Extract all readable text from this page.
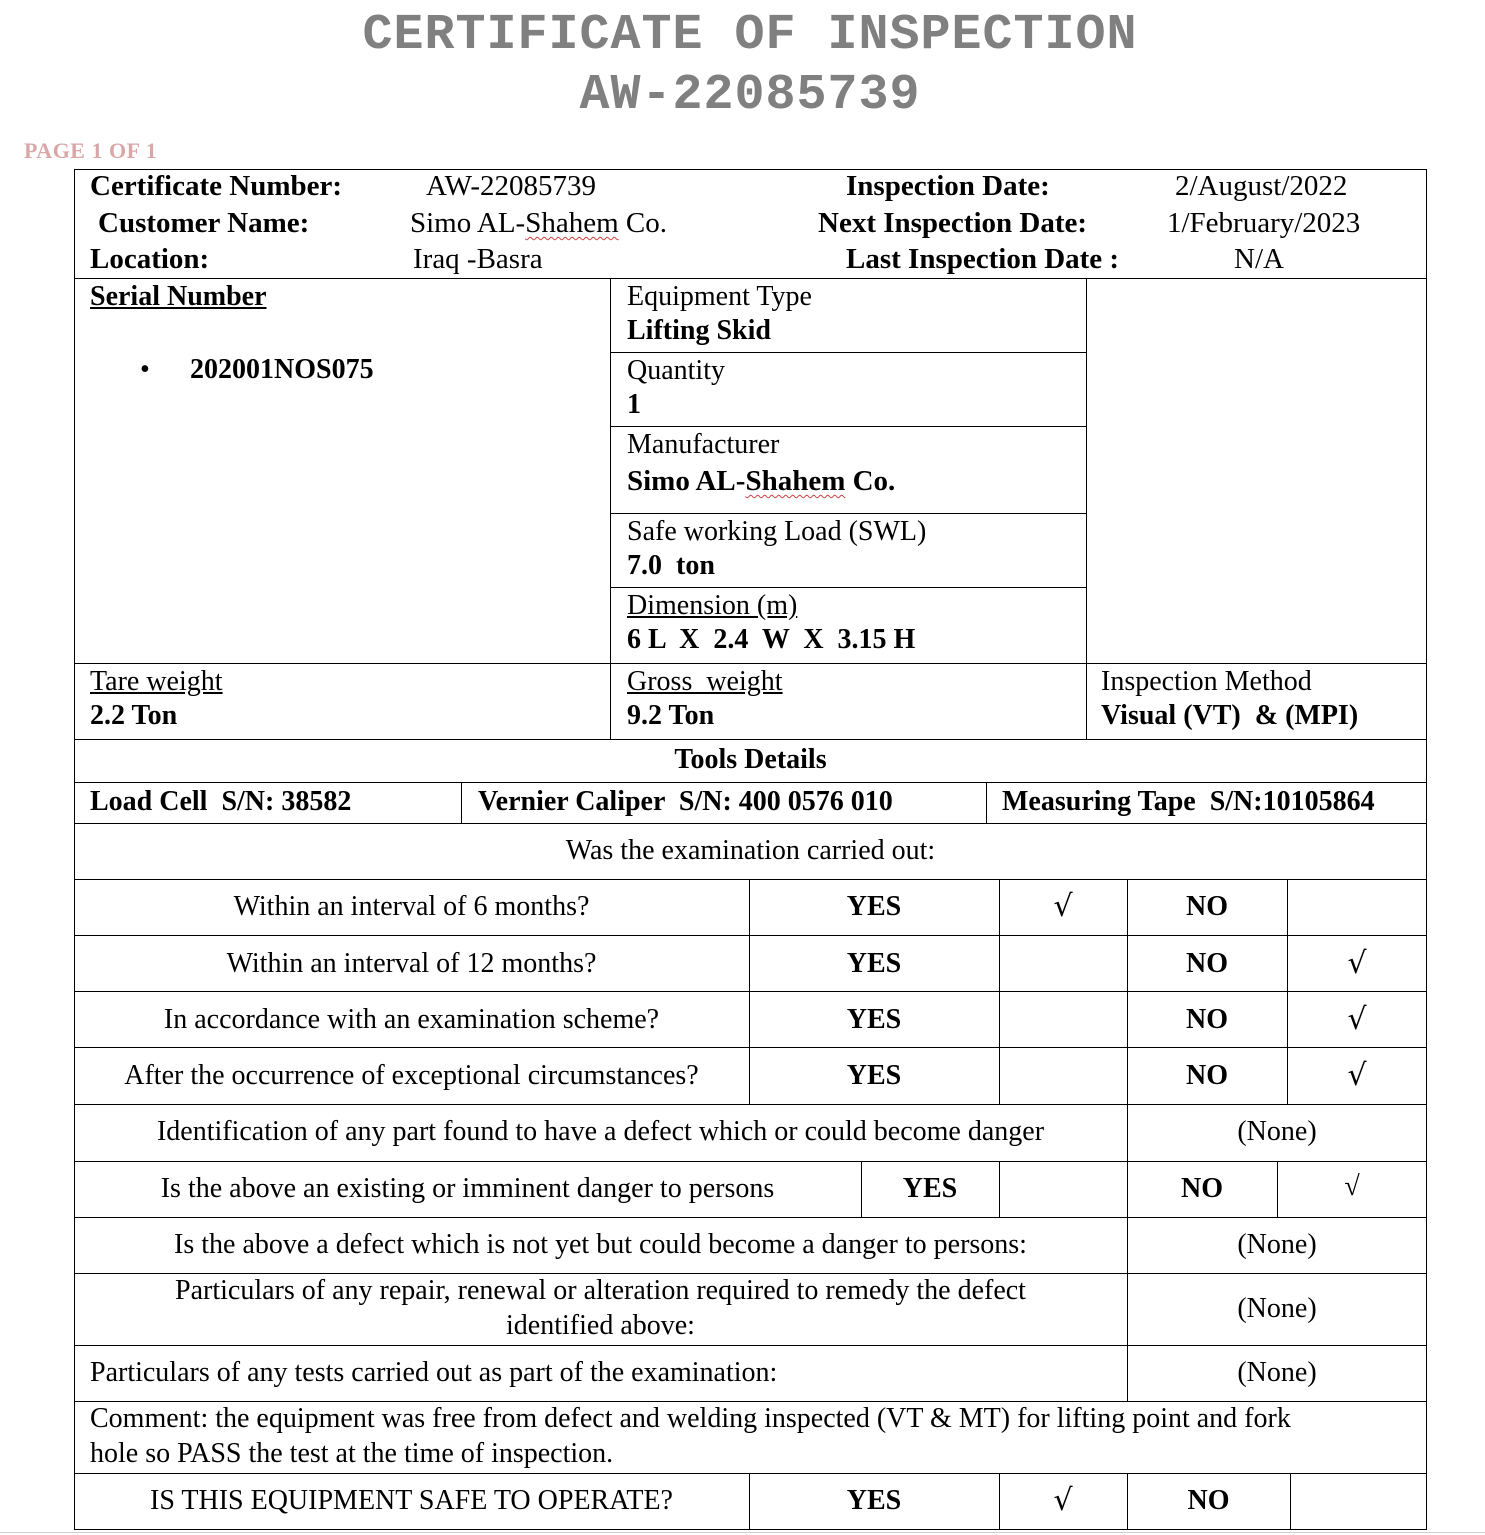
CERTIFICATE OF INSPECTION
AW-22085739
PAGE 1 OF 1
Certificate Number:	AW-22085739
Customer Name:	Simo AL-Shahem Co.
Location:	Iraq -Basra
Inspection Date:	2/August/2022
Next Inspection Date:	1/February/2023
Last Inspection Date :	N/A
Serial Number
• 202001NOS075
Equipment Type
Lifting Skid
Quantity
1
Manufacturer
Simo AL-Shahem Co.
Safe working Load (SWL)
7.0  ton
Dimension (m)
6 L  X  2.4  W  X  3.15 H
Tare weight
2.2 Ton
Gross  weight
9.2 Ton
Inspection Method
Visual (VT)  & (MPI)
Tools Details
Load Cell  S/N: 38582	Vernier Caliper  S/N: 400 0576 010	Measuring Tape  S/N:10105864
Was the examination carried out:
Within an interval of 6 months?	YES	√	NO
Within an interval of 12 months?	YES	NO	√
In accordance with an examination scheme?	YES	NO	√
After the occurrence of exceptional circumstances?	YES	NO	√
Identification of any part found to have a defect which or could become danger	(None)
Is the above an existing or imminent danger to persons	YES	NO	√
Is the above a defect which is not yet but could become a danger to persons:	(None)
Particulars of any repair, renewal or alteration required to remedy the defect
identified above:
(None)
Particulars of any tests carried out as part of the examination:	(None)
Comment: the equipment was free from defect and welding inspected (VT & MT) for lifting point and fork
hole so PASS the test at the time of inspection.
IS THIS EQUIPMENT SAFE TO OPERATE?	YES	√	NO
